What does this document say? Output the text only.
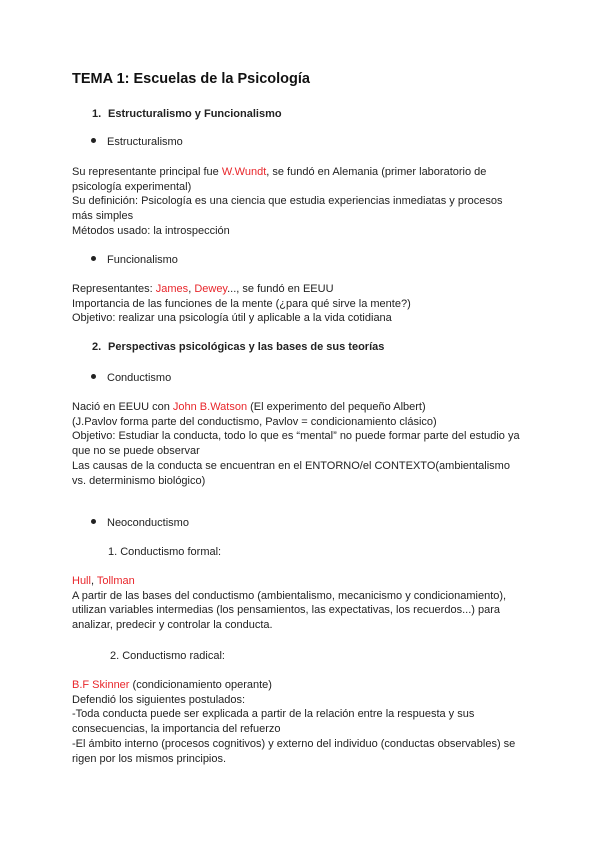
TEMA 1: Escuelas de la Psicología
1. Estructuralismo y Funcionalismo
Estructuralismo
Su representante principal fue W.Wundt, se fundó en Alemania (primer laboratorio de
psicología experimental)
Su definición: Psicología es una ciencia que estudia experiencias inmediatas y procesos
más simples
Métodos usado: la introspección
Funcionalismo
Representantes: James, Dewey..., se fundó en EEUU
Importancia de las funciones de la mente (¿para qué sirve la mente?)
Objetivo: realizar una psicología útil y aplicable a la vida cotidiana
2. Perspectivas psicológicas y las bases de sus teorías
Conductismo
Nació en EEUU con John B.Watson (El experimento del pequeño Albert)
(J.Pavlov forma parte del conductismo, Pavlov = condicionamiento clásico)
Objetivo: Estudiar la conducta, todo lo que es “mental” no puede formar parte del estudio ya
que no se puede observar
Las causas de la conducta se encuentran en el ENTORNO/el CONTEXTO(ambientalismo
vs. determinismo biológico)
Neoconductismo
1. Conductismo formal:
Hull, Tollman
A partir de las bases del conductismo (ambientalismo, mecanicismo y condicionamiento),
utilizan variables intermedias (los pensamientos, las expectativas, los recuerdos...) para
analizar, predecir y controlar la conducta.
2. Conductismo radical:
B.F Skinner (condicionamiento operante)
Defendió los siguientes postulados:
-Toda conducta puede ser explicada a partir de la relación entre la respuesta y sus
consecuencias, la importancia del refuerzo
-El ámbito interno (procesos cognitivos) y externo del individuo (conductas observables) se
rigen por los mismos principios.
